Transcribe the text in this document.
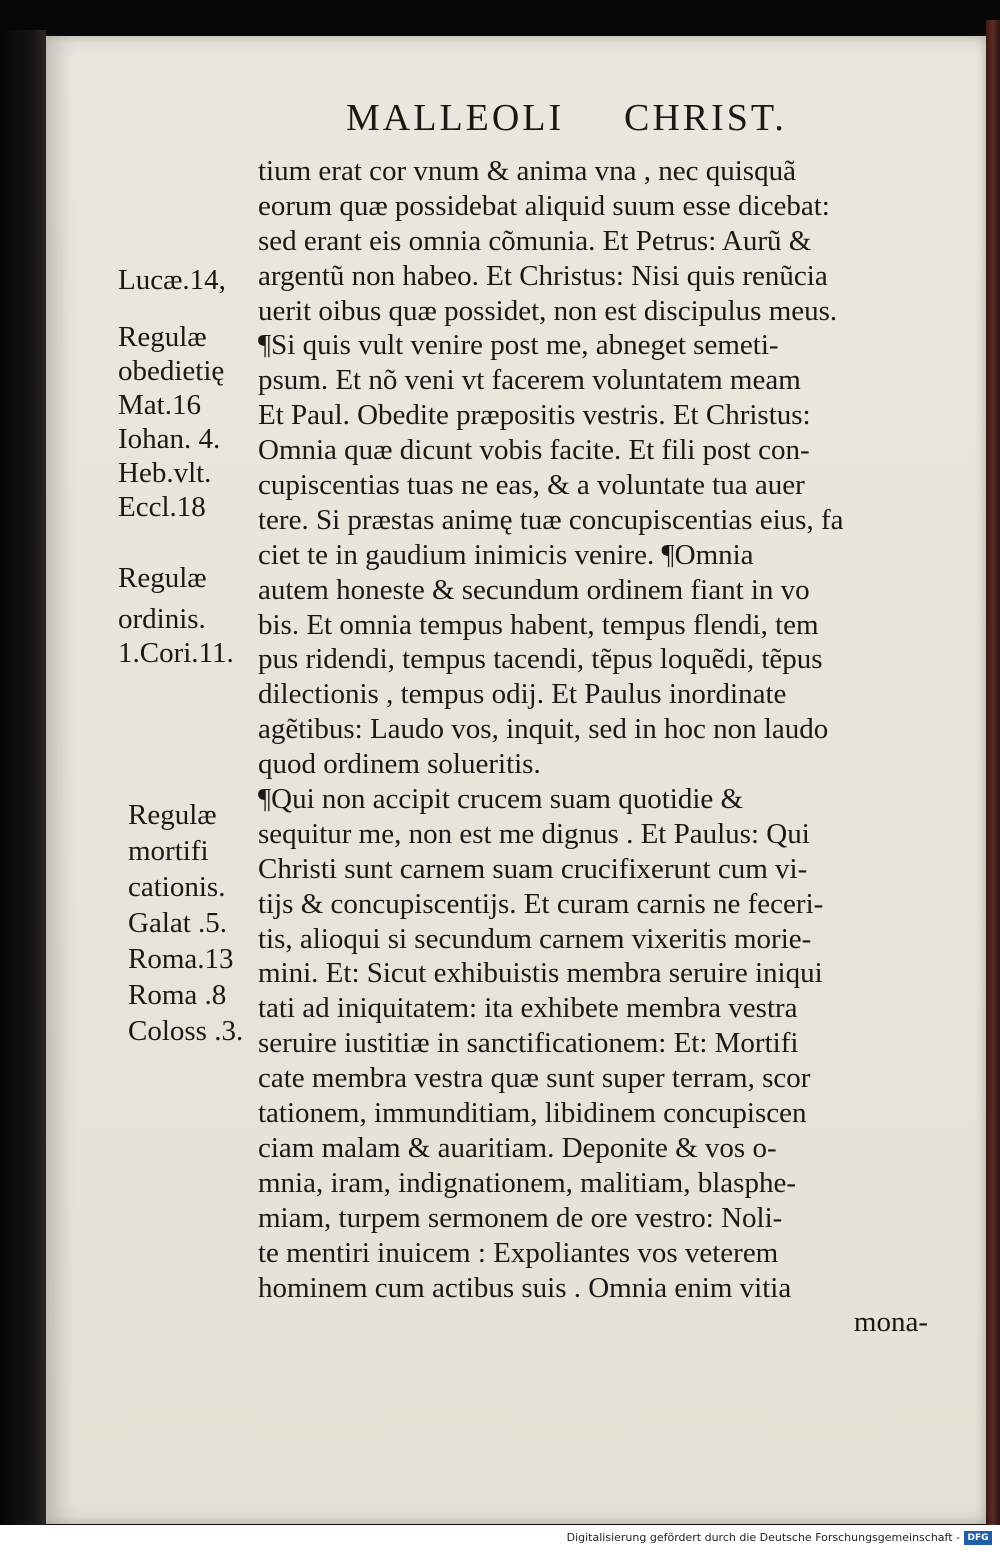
MALLEOLI CHRIST.
tium erat cor vnum & anima vna , nec quisquã
eorum quæ possidebat aliquid suum esse dicebat:
sed erant eis omnia cõmunia. Et Petrus: Aurũ &
argentũ non habeo. Et Christus: Nisi quis renũcia
uerit oibus quæ possidet, non est discipulus meus.
¶Si quis vult venire post me, abneget semeti-
psum. Et nõ veni vt facerem voluntatem meam
Et Paul. Obedite præpositis vestris. Et Christus:
Omnia quæ dicunt vobis facite. Et fili post con-
cupiscentias tuas ne eas, & a voluntate tua auer
tere. Si præstas animę tuæ concupiscentias eius, fa
ciet te in gaudium inimicis venire. ¶Omnia
autem honeste & secundum ordinem fiant in vo
bis. Et omnia tempus habent, tempus flendi, tem
pus ridendi, tempus tacendi, tẽpus loquẽdi, tẽpus
dilectionis , tempus odij. Et Paulus inordinate
agẽtibus: Laudo vos, inquit, sed in hoc non laudo
quod ordinem solueritis.
¶Qui non accipit crucem suam quotidie &
sequitur me, non est me dignus . Et Paulus: Qui
Christi sunt carnem suam crucifixerunt cum vi-
tijs & concupiscentijs. Et curam carnis ne feceri-
tis, alioqui si secundum carnem vixeritis morie-
mini. Et: Sicut exhibuistis membra seruire iniqui
tati ad iniquitatem: ita exhibete membra vestra
seruire iustitiæ in sanctificationem: Et: Mortifi
cate membra vestra quæ sunt super terram, scor
tationem, immunditiam, libidinem concupiscen
ciam malam & auaritiam. Deponite & vos o-
mnia, iram, indignationem, malitiam, blasphe-
miam, turpem sermonem de ore vestro: Noli-
te mentiri inuicem : Expoliantes vos veterem
hominem cum actibus suis . Omnia enim vitia
mona-
Lucæ.14,
Regulæ
obedietię
Mat.16
Iohan. 4.
Heb.vlt.
Eccl.18
Regulæ
ordinis.
1.Cori.11.
Regulæ
mortifi
cationis.
Galat .5.
Roma.13
Roma .8
Coloss .3.
Digitalisierung gefördert durch die Deutsche Forschungsgemeinschaft - DFG
